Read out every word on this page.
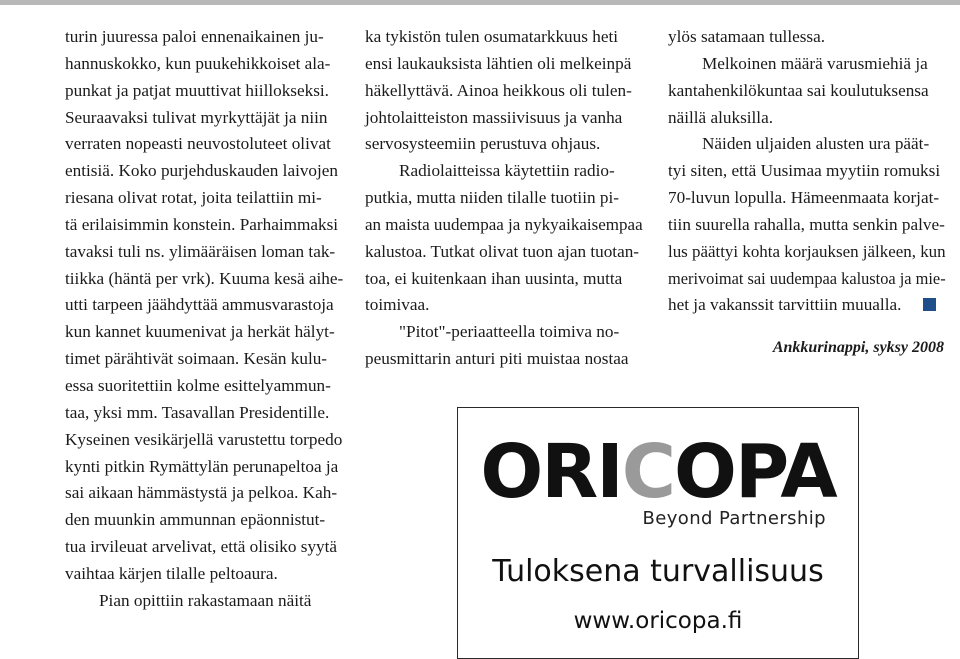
turin juuressa paloi ennenaikainen ju-
hannuskokko, kun puukehikkoiset ala-
punkat ja patjat muuttivat hiillokseksi.
Seuraavaksi tulivat myrkyttäjät ja niin
verraten nopeasti neuvostoluteet olivat
entisiä. Koko purjehduskauden laivojen
riesana olivat rotat, joita teilattiin mi-
tä erilaisimmin konstein. Parhaimmaksi
tavaksi tuli ns. ylimääräisen loman tak-
tiikka (häntä per vrk). Kuuma kesä aihe-
utti tarpeen jäähdyttää ammusvarastoja
kun kannet kuumenivat ja herkät hälyt-
timet pärähtivät soimaan. Kesän kulu-
essa suoritettiin kolme esittelyammun-
taa, yksi mm. Tasavallan Presidentille.
Kyseinen vesikärjellä varustettu torpedo
kynti pitkin Rymättylän perunapeltoa ja
sai aikaan hämmästystä ja pelkoa. Kah-
den muunkin ammunnan epäonnistut-
tua irvileuat arvelivat, että olisiko syytä
vaihtaa kärjen tilalle peltoaura.
Pian opittiin rakastamaan näitä
ka tykistön tulen osumatarkkuus heti
ensi laukauksista lähtien oli melkeinpä
häkellyttävä. Ainoa heikkous oli tulen-
johtolaitteiston massiivisuus ja vanha
servosysteemiin perustuva ohjaus.
Radiolaitteissa käytettiin radio-
putkia, mutta niiden tilalle tuotiin pi-
an maista uudempaa ja nykyaikaisempaa
kalustoa. Tutkat olivat tuon ajan tuotan-
toa, ei kuitenkaan ihan uusinta, mutta
toimivaa.
"Pitot"-periaatteella toimiva no-
peusmittarin anturi piti muistaa nostaa
ylös satamaan tullessa.
Melkoinen määrä varusmiehiä ja
kantahenkilökuntaa sai koulutuksensa
näillä aluksilla.
Näiden uljaiden alusten ura päät-
tyi siten, että Uusimaa myytiin romuksi
70-luvun lopulla. Hämeenmaata korjat-
tiin suurella rahalla, mutta senkin palve-
lus päättyi kohta korjauksen jälkeen, kun
merivoimat sai uudempaa kalustoa ja mie-
het ja vakanssit tarvittiin muualla.
Ankkurinappi, syksy 2008
ORICOPA
Beyond Partnership
Tuloksena turvallisuus
www.oricopa.fi
